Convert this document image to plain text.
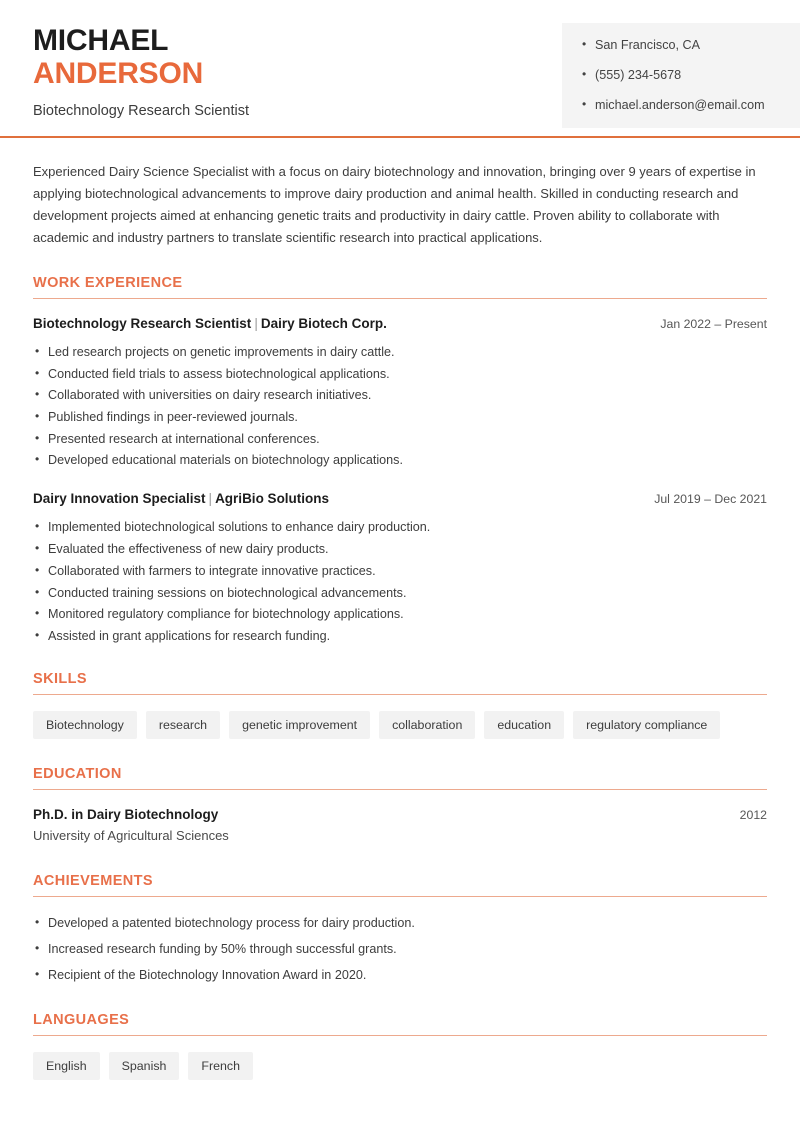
MICHAEL
ANDERSON
Biotechnology Research Scientist
• San Francisco, CA
• (555) 234-5678
• michael.anderson@email.com
Experienced Dairy Science Specialist with a focus on dairy biotechnology and innovation, bringing over 9 years of expertise in applying biotechnological advancements to improve dairy production and animal health. Skilled in conducting research and development projects aimed at enhancing genetic traits and productivity in dairy cattle. Proven ability to collaborate with academic and industry partners to translate scientific research into practical applications.
WORK EXPERIENCE
Biotechnology Research Scientist | Dairy Biotech Corp.	Jan 2022 – Present
• Led research projects on genetic improvements in dairy cattle.
• Conducted field trials to assess biotechnological applications.
• Collaborated with universities on dairy research initiatives.
• Published findings in peer-reviewed journals.
• Presented research at international conferences.
• Developed educational materials on biotechnology applications.
Dairy Innovation Specialist | AgriBio Solutions	Jul 2019 – Dec 2021
• Implemented biotechnological solutions to enhance dairy production.
• Evaluated the effectiveness of new dairy products.
• Collaborated with farmers to integrate innovative practices.
• Conducted training sessions on biotechnological advancements.
• Monitored regulatory compliance for biotechnology applications.
• Assisted in grant applications for research funding.
SKILLS
Biotechnology	research	genetic improvement	collaboration	education	regulatory compliance
EDUCATION
Ph.D. in Dairy Biotechnology	2012
University of Agricultural Sciences
ACHIEVEMENTS
• Developed a patented biotechnology process for dairy production.
• Increased research funding by 50% through successful grants.
• Recipient of the Biotechnology Innovation Award in 2020.
LANGUAGES
English	Spanish	French
